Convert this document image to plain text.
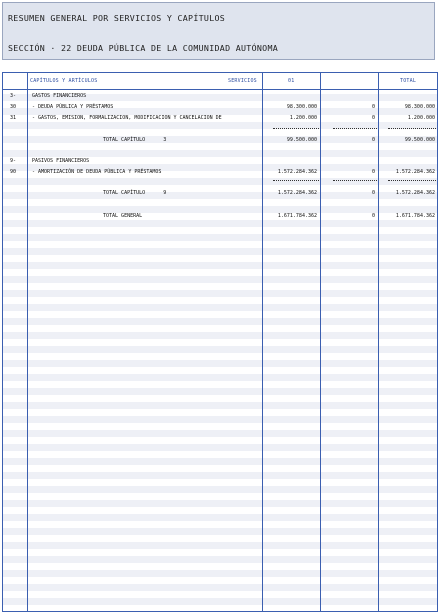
RESUMEN GENERAL POR SERVICIOS Y CAPÍTULOS
SECCIÓN · 22 DEUDA PÚBLICA DE LA COMUNIDAD AUTÓNOMA
CAPÍTULOS Y ARTÍCULOS	SERVICIOS	01	TOTAL
3-	GASTOS FINANCIEROS
30	- DEUDA PÚBLICA Y PRÉSTAMOS	98.300.000	0	98.300.000
31	- GASTOS, EMISIÓN, FORMALIZACIÓN, MODIFICACIÓN Y CANCELACIÓN DE	1.200.000	0	1.200.000
TOTAL CAPÍTULO      3	99.500.000	0	99.500.000
9-	PASIVOS FINANCIEROS
90	- AMORTIZACIÓN DE DEUDA PÚBLICA Y PRÉSTAMOS	1.572.284.362	0	1.572.284.362
TOTAL CAPÍTULO      9	1.572.284.362	0	1.572.284.362
TOTAL GENERAL	1.671.784.362	0	1.671.784.362
